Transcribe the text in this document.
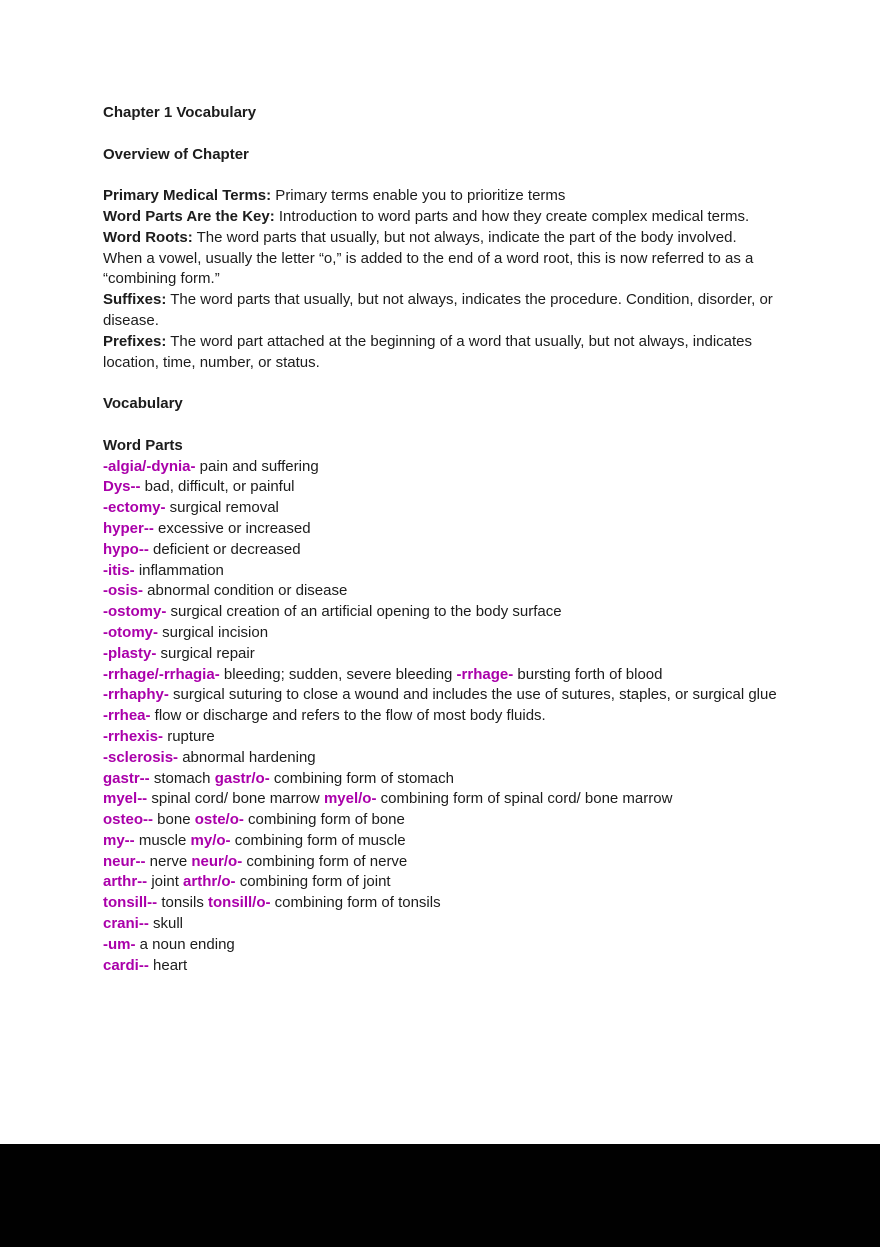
Chapter 1 Vocabulary
Overview of Chapter
Primary Medical Terms: Primary terms enable you to prioritize terms
Word Parts Are the Key: Introduction to word parts and how they create complex medical terms.
Word Roots: The word parts that usually, but not always, indicate the part of the body involved. When a vowel, usually the letter “o,” is added to the end of a word root, this is now referred to as a “combining form.”
Suffixes: The word parts that usually, but not always, indicates the procedure. Condition, disorder, or disease.
Prefixes: The word part attached at the beginning of a word that usually, but not always, indicates location, time, number, or status.
Vocabulary
Word Parts
-algia/-dynia- pain and suffering
Dys-- bad, difficult, or painful
-ectomy- surgical removal
hyper-- excessive or increased
hypo-- deficient or decreased
-itis- inflammation
-osis- abnormal condition or disease
-ostomy- surgical creation of an artificial opening to the body surface
-otomy- surgical incision
-plasty- surgical repair
-rrhage/-rrhagia- bleeding; sudden, severe bleeding -rrhage- bursting forth of blood
-rrhaphy- surgical suturing to close a wound and includes the use of sutures, staples, or surgical glue
-rrhea- flow or discharge and refers to the flow of most body fluids.
-rrhexis- rupture
-sclerosis- abnormal hardening
gastr-- stomach gastr/o- combining form of stomach
myel-- spinal cord/ bone marrow myel/o- combining form of spinal cord/ bone marrow
osteo-- bone oste/o- combining form of bone
my-- muscle my/o- combining form of muscle
neur-- nerve neur/o- combining form of nerve
arthr-- joint arthr/o- combining form of joint
tonsill-- tonsils tonsill/o- combining form of tonsils
crani-- skull
-um- a noun ending
cardi-- heart
